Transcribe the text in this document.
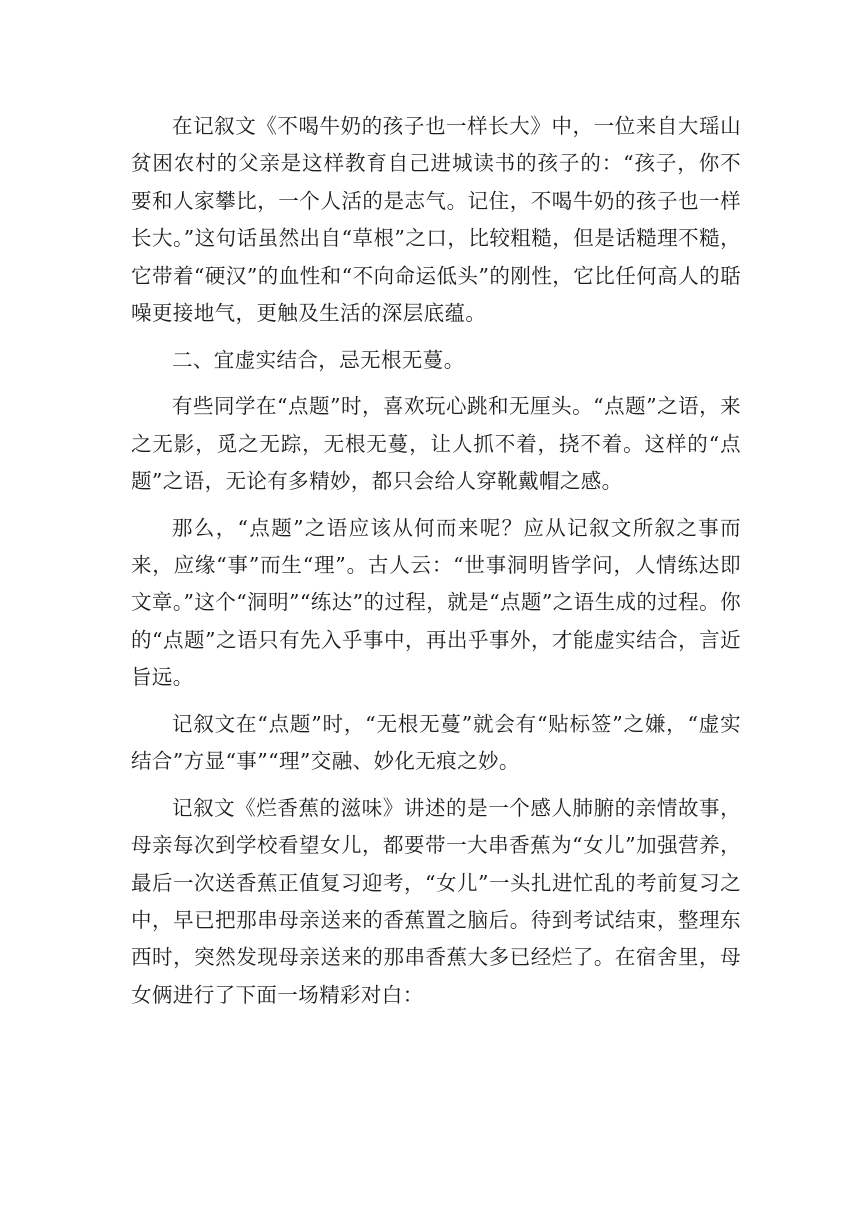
在记叙文《不喝牛奶的孩子也一样长大》中，一位来自大瑶山贫困农村的父亲是这样教育自己进城读书的孩子的：“孩子，你不要和人家攀比，一个人活的是志气。记住，不喝牛奶的孩子也一样长大。”这句话虽然出自“草根”之口，比较粗糙，但是话糙理不糙，它带着“硬汉”的血性和“不向命运低头”的刚性，它比任何高人的聒噪更接地气，更触及生活的深层底蕴。

二、宜虚实结合，忌无根无蔓。

有些同学在“点题”时，喜欢玩心跳和无厘头。“点题”之语，来之无影，觅之无踪，无根无蔓，让人抓不着，挠不着。这样的“点题”之语，无论有多精妙，都只会给人穿靴戴帽之感。

那么，“点题”之语应该从何而来呢？应从记叙文所叙之事而来，应缘“事”而生“理”。古人云：“世事洞明皆学问，人情练达即文章。”这个“洞明”“练达”的过程，就是“点题”之语生成的过程。你的“点题”之语只有先入乎事中，再出乎事外，才能虚实结合，言近旨远。

记叙文在“点题”时，“无根无蔓”就会有“贴标签”之嫌，“虚实结合”方显“事”“理”交融、妙化无痕之妙。

记叙文《烂香蕉的滋味》讲述的是一个感人肺腑的亲情故事，母亲每次到学校看望女儿，都要带一大串香蕉为“女儿”加强营养，最后一次送香蕉正值复习迎考，“女儿”一头扎进忙乱的考前复习之中，早已把那串母亲送来的香蕉置之脑后。待到考试结束，整理东西时，突然发现母亲送来的那串香蕉大多已经烂了。在宿舍里，母女俩进行了下面一场精彩对白：
